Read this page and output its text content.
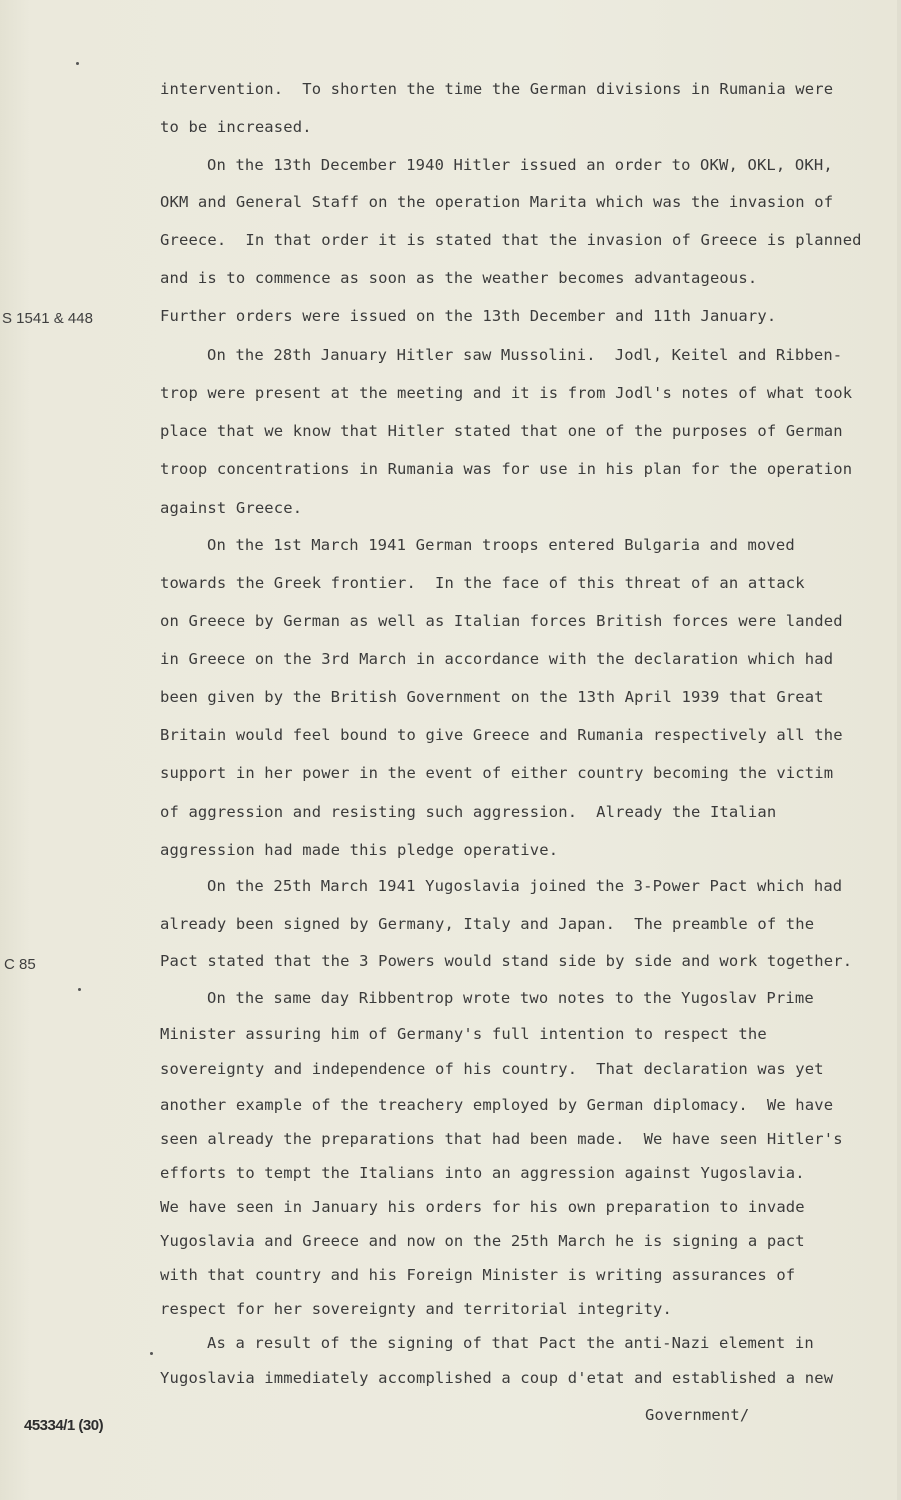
intervention.  To shorten the time the German divisions in Rumania were
to be increased.
On the 13th December 1940 Hitler issued an order to OKW, OKL, OKH,
OKM and General Staff on the operation Marita which was the invasion of
Greece.  In that order it is stated that the invasion of Greece is planned
and is to commence as soon as the weather becomes advantageous.
S 1541 & 448	Further orders were issued on the 13th December and 11th January.
On the 28th January Hitler saw Mussolini.  Jodl, Keitel and Ribben-
trop were present at the meeting and it is from Jodl's notes of what took
place that we know that Hitler stated that one of the purposes of German
troop concentrations in Rumania was for use in his plan for the operation
against Greece.
On the 1st March 1941 German troops entered Bulgaria and moved
towards the Greek frontier.  In the face of this threat of an attack
on Greece by German as well as Italian forces British forces were landed
in Greece on the 3rd March in accordance with the declaration which had
been given by the British Government on the 13th April 1939 that Great
Britain would feel bound to give Greece and Rumania respectively all the
support in her power in the event of either country becoming the victim
of aggression and resisting such aggression.  Already the Italian
aggression had made this pledge operative.
On the 25th March 1941 Yugoslavia joined the 3-Power Pact which had
already been signed by Germany, Italy and Japan.  The preamble of the
C 85	Pact stated that the 3 Powers would stand side by side and work together.
On the same day Ribbentrop wrote two notes to the Yugoslav Prime
Minister assuring him of Germany's full intention to respect the
sovereignty and independence of his country.  That declaration was yet
another example of the treachery employed by German diplomacy.  We have
seen already the preparations that had been made.  We have seen Hitler's
efforts to tempt the Italians into an aggression against Yugoslavia.
We have seen in January his orders for his own preparation to invade
Yugoslavia and Greece and now on the 25th March he is signing a pact
with that country and his Foreign Minister is writing assurances of
respect for her sovereignty and territorial integrity.
As a result of the signing of that Pact the anti-Nazi element in
Yugoslavia immediately accomplished a coup d'etat and established a new
Government/
45334/1 (30)
